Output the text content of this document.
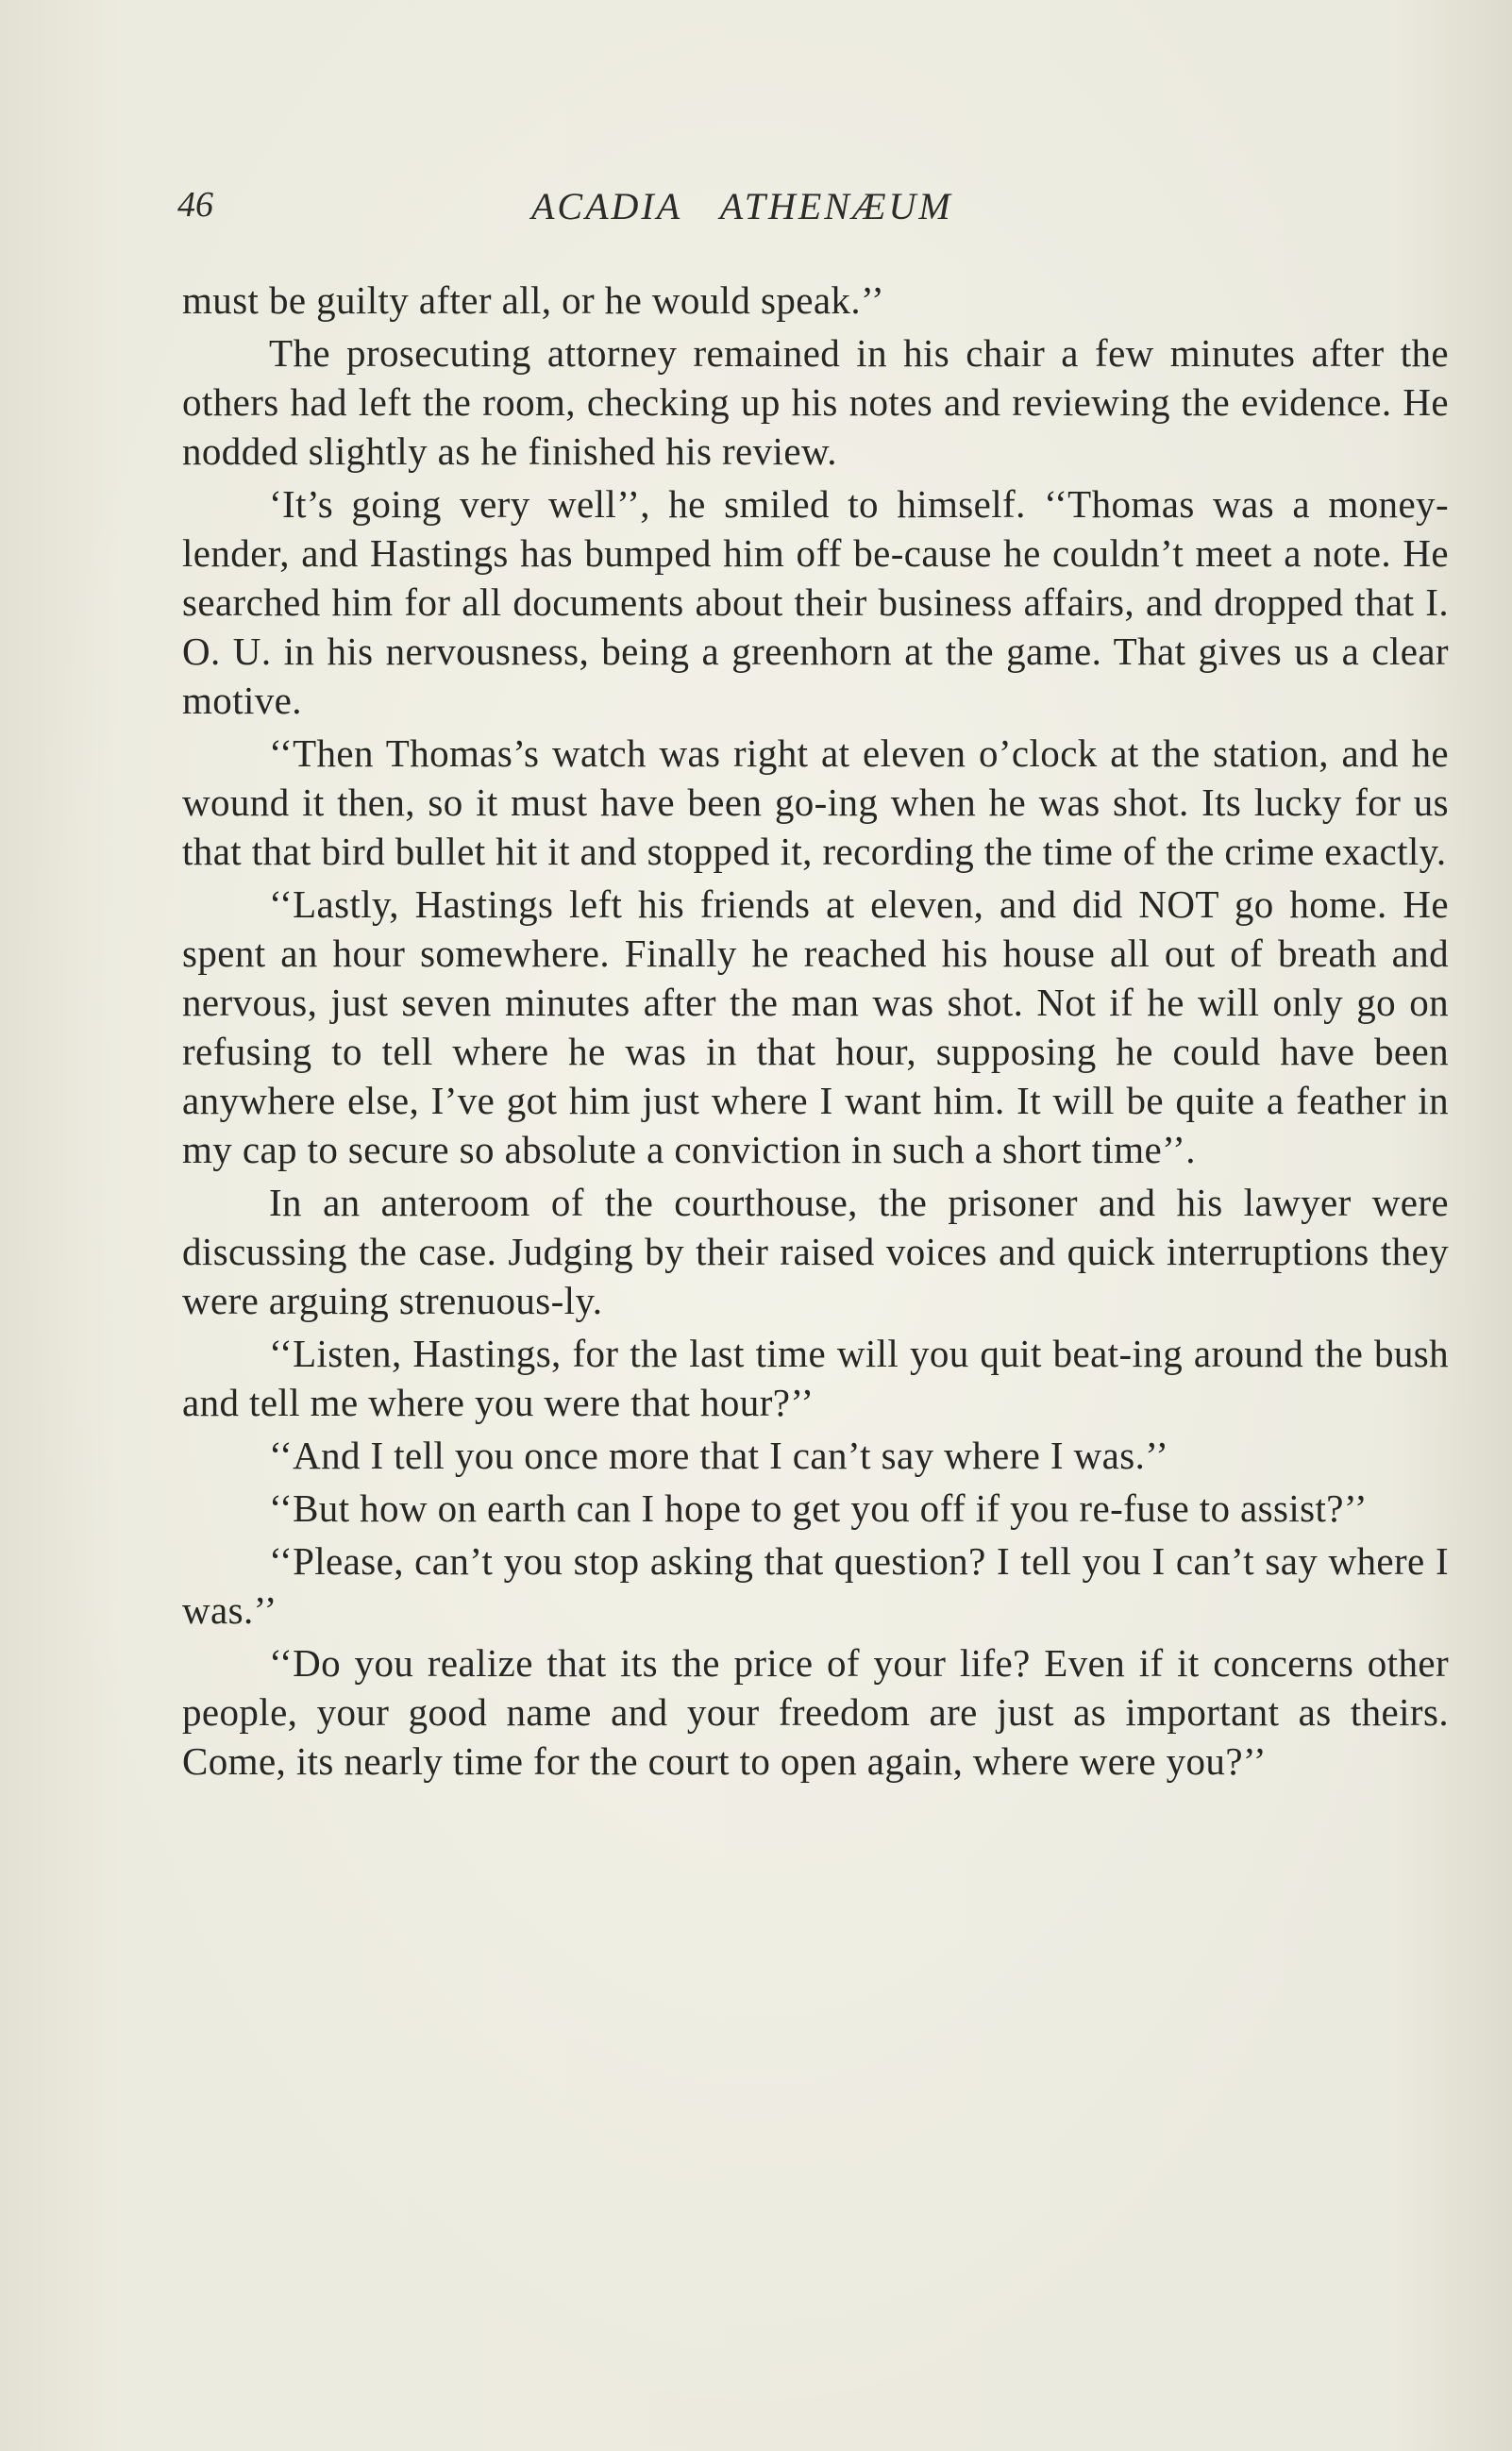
46	ACADIA ATHENÆUM

must be guilty after all, or he would speak.’’

The prosecuting attorney remained in his chair a few minutes after the others had left the room, checking up his notes and reviewing the evidence. He nodded slightly as he finished his review.

‘It’s going very well’’, he smiled to himself. ‘‘Thomas was a money-lender, and Hastings has bumped him off be-cause he couldn’t meet a note. He searched him for all documents about their business affairs, and dropped that I. O. U. in his nervousness, being a greenhorn at the game. That gives us a clear motive.

‘‘Then Thomas’s watch was right at eleven o’clock at the station, and he wound it then, so it must have been go-ing when he was shot. Its lucky for us that that bird bullet hit it and stopped it, recording the time of the crime exactly.

‘‘Lastly, Hastings left his friends at eleven, and did NOT go home. He spent an hour somewhere. Finally he reached his house all out of breath and nervous, just seven minutes after the man was shot. Not if he will only go on refusing to tell where he was in that hour, supposing he could have been anywhere else, I’ve got him just where I want him. It will be quite a feather in my cap to secure so absolute a conviction in such a short time’’.

In an anteroom of the courthouse, the prisoner and his lawyer were discussing the case. Judging by their raised voices and quick interruptions they were arguing strenuous-ly.

‘‘Listen, Hastings, for the last time will you quit beat-ing around the bush and tell me where you were that hour?’’

‘‘And I tell you once more that I can’t say where I was.’’

‘‘But how on earth can I hope to get you off if you re-fuse to assist?’’

‘‘Please, can’t you stop asking that question? I tell you I can’t say where I was.’’

‘‘Do you realize that its the price of your life? Even if it concerns other people, your good name and your freedom are just as important as theirs. Come, its nearly time for the court to open again, where were you?’’
